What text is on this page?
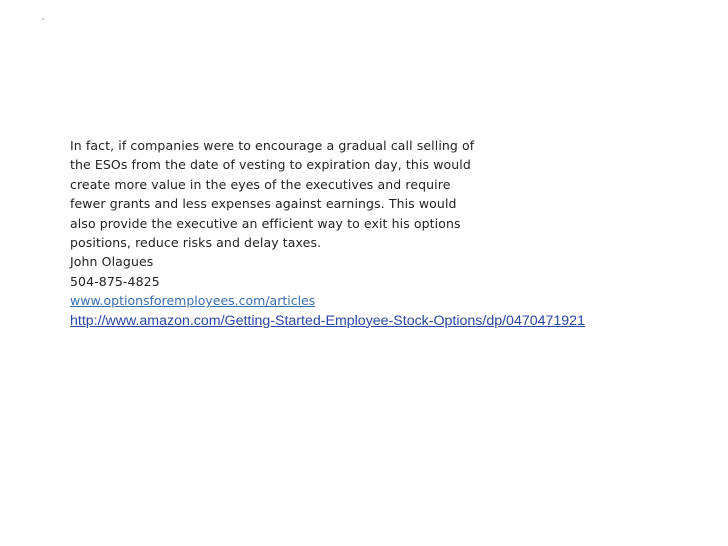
In fact, if companies were to encourage a gradual call selling of
the ESOs from the date of vesting to expiration day, this would
create more value in the eyes of the executives and require
fewer grants and less expenses against earnings. This would
also provide the executive an efficient way to exit his options
positions, reduce risks and delay taxes.
John Olagues
504-875-4825
www.optionsforemployees.com/articles
http://www.amazon.com/Getting-Started-Employee-Stock-Options/dp/0470471921
